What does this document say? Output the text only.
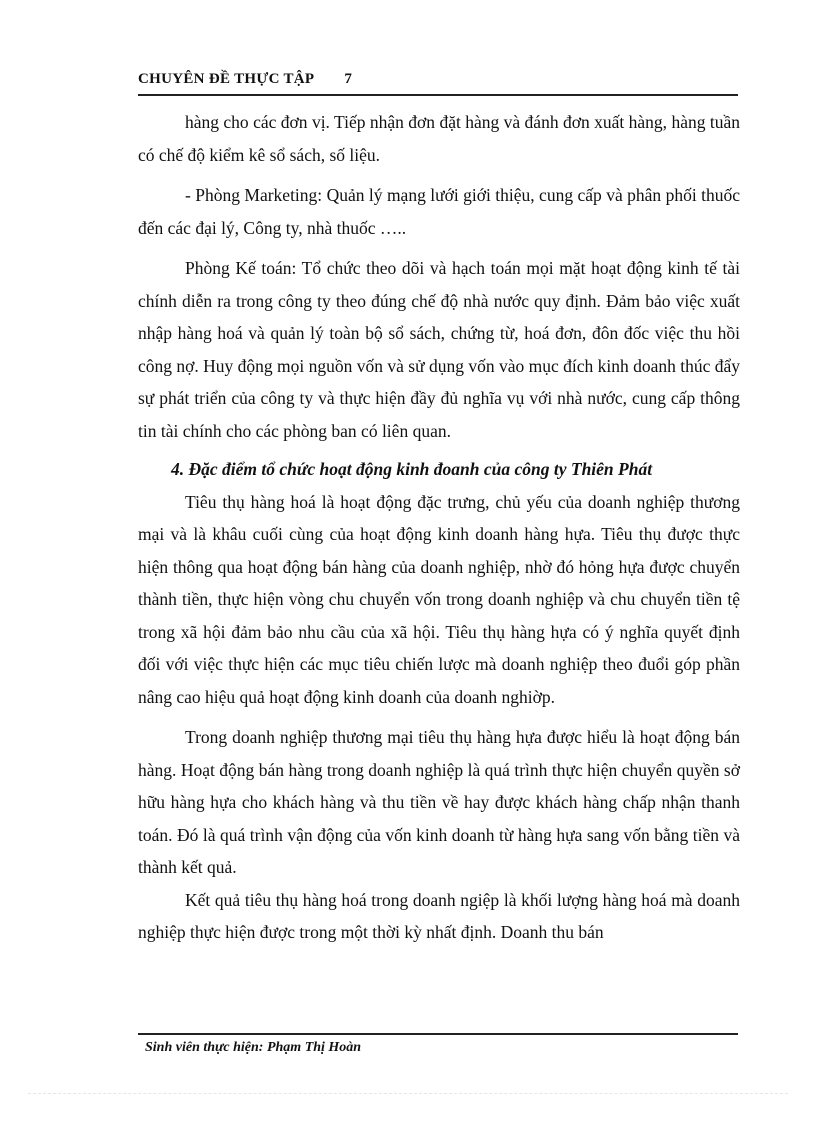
CHUYÊN ĐỀ THỰC TẬP 7

hàng cho các đơn vị. Tiếp nhận đơn đặt hàng và đánh đơn xuất hàng, hàng tuần có chế độ kiểm kê sổ sách, số liệu.

- Phòng Marketing: Quản lý mạng lưới giới thiệu, cung cấp và phân phối thuốc đến các đại lý, Công ty, nhà thuốc …..

Phòng Kế toán: Tổ chức theo dõi và hạch toán mọi mặt hoạt động kinh tế tài chính diễn ra trong công ty theo đúng chế độ nhà nước quy định. Đảm bảo việc xuất nhập hàng hoá và quản lý toàn bộ sổ sách, chứng từ, hoá đơn, đôn đốc việc thu hồi công nợ. Huy động mọi nguồn vốn và sử dụng vốn vào mục đích kinh doanh thúc đẩy sự phát triển của công ty và thực hiện đầy đủ nghĩa vụ với nhà nước, cung cấp thông tin tài chính cho các phòng ban có liên quan.

4. Đặc điểm tổ chức hoạt động kinh đoanh của công ty Thiên Phát

Tiêu thụ hàng hoá là hoạt động đặc trưng, chủ yếu của doanh nghiệp thương mại và là khâu cuối cùng của hoạt động kinh doanh hàng hựa. Tiêu thụ được thực hiện thông qua hoạt động bán hàng của doanh nghiệp, nhờ đó hỏng hựa được chuyển thành tiền, thực hiện vòng chu chuyển vốn trong doanh nghiệp và chu chuyển tiền tệ trong xã hội đảm bảo nhu cầu của xã hội. Tiêu thụ hàng hựa có ý nghĩa quyết định đối với việc thực hiện các mục tiêu chiến lược mà doanh nghiệp theo đuổi góp phần nâng cao hiệu quả hoạt động kinh doanh của doanh nghiờp.

Trong doanh nghiệp thương mại tiêu thụ hàng hựa được hiểu là hoạt động bán hàng. Hoạt động bán hàng trong doanh nghiệp là quá trình thực hiện chuyển quyền sở hữu hàng hựa cho khách hàng và thu tiền về hay được khách hàng chấp nhận thanh toán. Đó là quá trình vận động của vốn kinh doanh từ hàng hựa sang vốn bằng tiền và thành kết quả.

Kết quả tiêu thụ hàng hoá trong doanh ngiệp là khối lượng hàng hoá mà doanh nghiệp thực hiện được trong một thời kỳ nhất định. Doanh thu bán

Sinh viên thực hiện: Phạm Thị Hoàn
